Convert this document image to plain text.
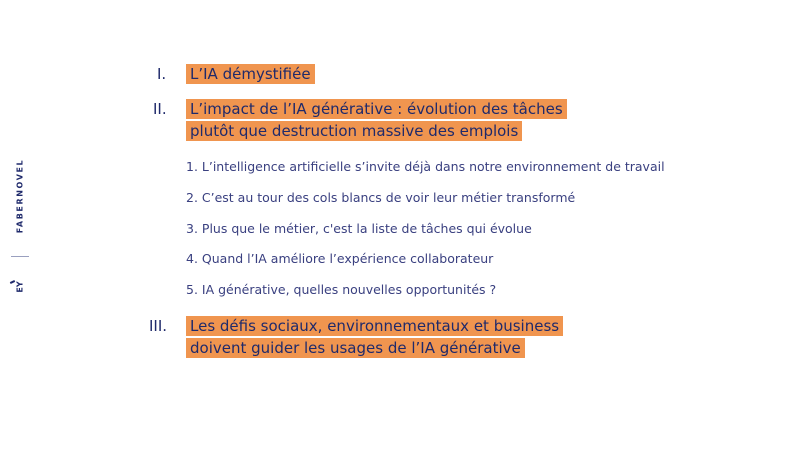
FABERNOVEL
EY
I. L’IA démystifiée
II. L’impact de l’IA générative : évolution des tâches
plutôt que destruction massive des emplois
1. L’intelligence artificielle s’invite déjà dans notre environnement de travail
2. C’est au tour des cols blancs de voir leur métier transformé
3. Plus que le métier, c'est la liste de tâches qui évolue
4. Quand l’IA améliore l’expérience collaborateur
5. IA générative, quelles nouvelles opportunités ?
III. Les défis sociaux, environnementaux et business
doivent guider les usages de l’IA générative
